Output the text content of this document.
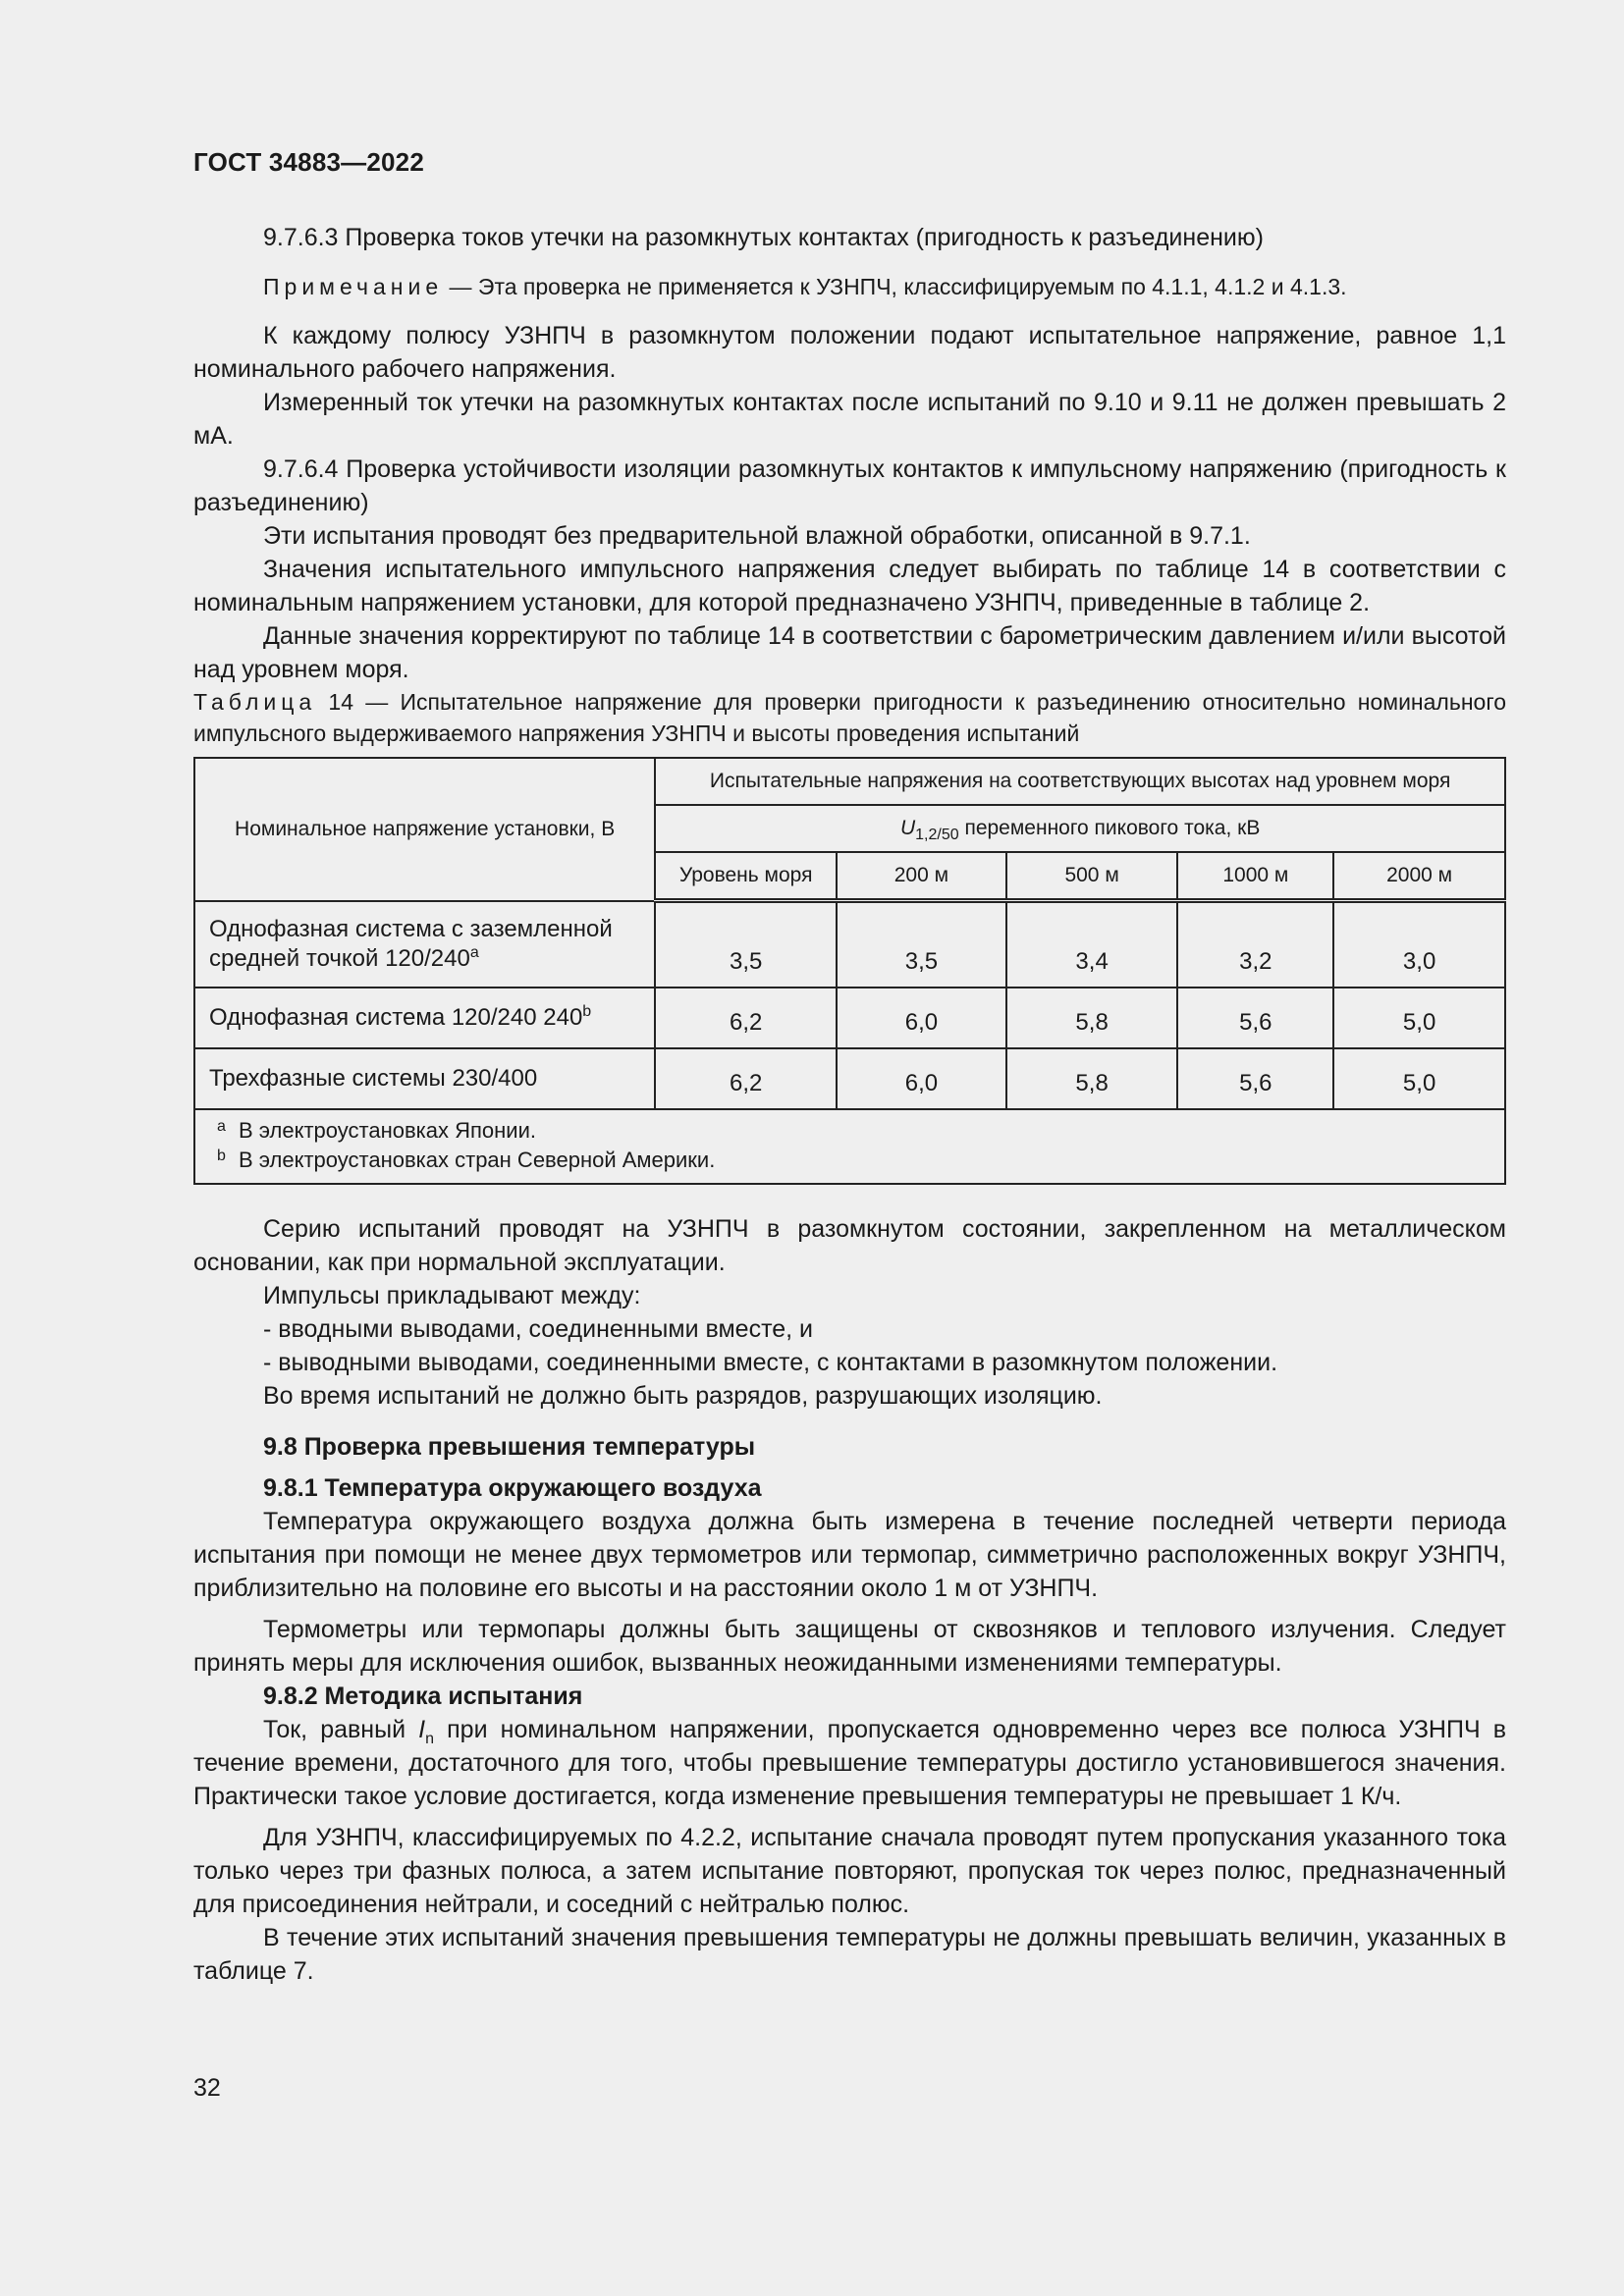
ГОСТ 34883—2022

9.7.6.3 Проверка токов утечки на разомкнутых контактах (пригодность к разъединению)

Примечание — Эта проверка не применяется к УЗНПЧ, классифицируемым по 4.1.1, 4.1.2 и 4.1.3.

К каждому полюсу УЗНПЧ в разомкнутом положении подают испытательное напряжение, равное 1,1 номинального рабочего напряжения.

Измеренный ток утечки на разомкнутых контактах после испытаний по 9.10 и 9.11 не должен превышать 2 мА.

9.7.6.4 Проверка устойчивости изоляции разомкнутых контактов к импульсному напряжению (пригодность к разъединению)

Эти испытания проводят без предварительной влажной обработки, описанной в 9.7.1.

Значения испытательного импульсного напряжения следует выбирать по таблице 14 в соответствии с номинальным напряжением установки, для которой предназначено УЗНПЧ, приведенные в таблице 2.

Данные значения корректируют по таблице 14 в соответствии с барометрическим давлением и/или высотой над уровнем моря.

Таблица 14 — Испытательное напряжение для проверки пригодности к разъединению относительно номинального импульсного выдерживаемого напряжения УЗНПЧ и высоты проведения испытаний

Номинальное напряжение установки, В	Испытательные напряжения на соответствующих высотах над уровнем моря				
	$U_{1,2/50}$ переменного пикового тока, кВ				
	Уровень моря	200 м	500 м	1000 м	2000 м
Однофазная система с заземленной средней точкой 120/240$^a$	3,5	3,5	3,4	3,2	3,0
Однофазная система 120/240 240$^b$	6,2	6,0	5,8	5,6	5,0
Трехфазные системы 230/400	6,2	6,0	5,8	5,6	5,0

a В электроустановках Японии.
b В электроустановках стран Северной Америки.					

Серию испытаний проводят на УЗНПЧ в разомкнутом состоянии, закрепленном на металлическом основании, как при нормальной эксплуатации.

Импульсы прикладывают между:

- вводными выводами, соединенными вместе, и

- выводными выводами, соединенными вместе, с контактами в разомкнутом положении.

Во время испытаний не должно быть разрядов, разрушающих изоляцию.

9.8 Проверка превышения температуры

9.8.1 Температура окружающего воздуха

Температура окружающего воздуха должна быть измерена в течение последней четверти периода испытания при помощи не менее двух термометров или термопар, симметрично расположенных вокруг УЗНПЧ, приблизительно на половине его высоты и на расстоянии около 1 м от УЗНПЧ.

Термометры или термопары должны быть защищены от сквозняков и теплового излучения. Следует принять меры для исключения ошибок, вызванных неожиданными изменениями температуры.

9.8.2 Методика испытания

Ток, равный $I_n$ при номинальном напряжении, пропускается одновременно через все полюса УЗНПЧ в течение времени, достаточного для того, чтобы превышение температуры достигло установившегося значения. Практически такое условие достигается, когда изменение превышения температуры не превышает 1 К/ч.

Для УЗНПЧ, классифицируемых по 4.2.2, испытание сначала проводят путем пропускания указанного тока только через три фазных полюса, а затем испытание повторяют, пропуская ток через полюс, предназначенный для присоединения нейтрали, и соседний с нейтралью полюс.

В течение этих испытаний значения превышения температуры не должны превышать величин, указанных в таблице 7.

32
